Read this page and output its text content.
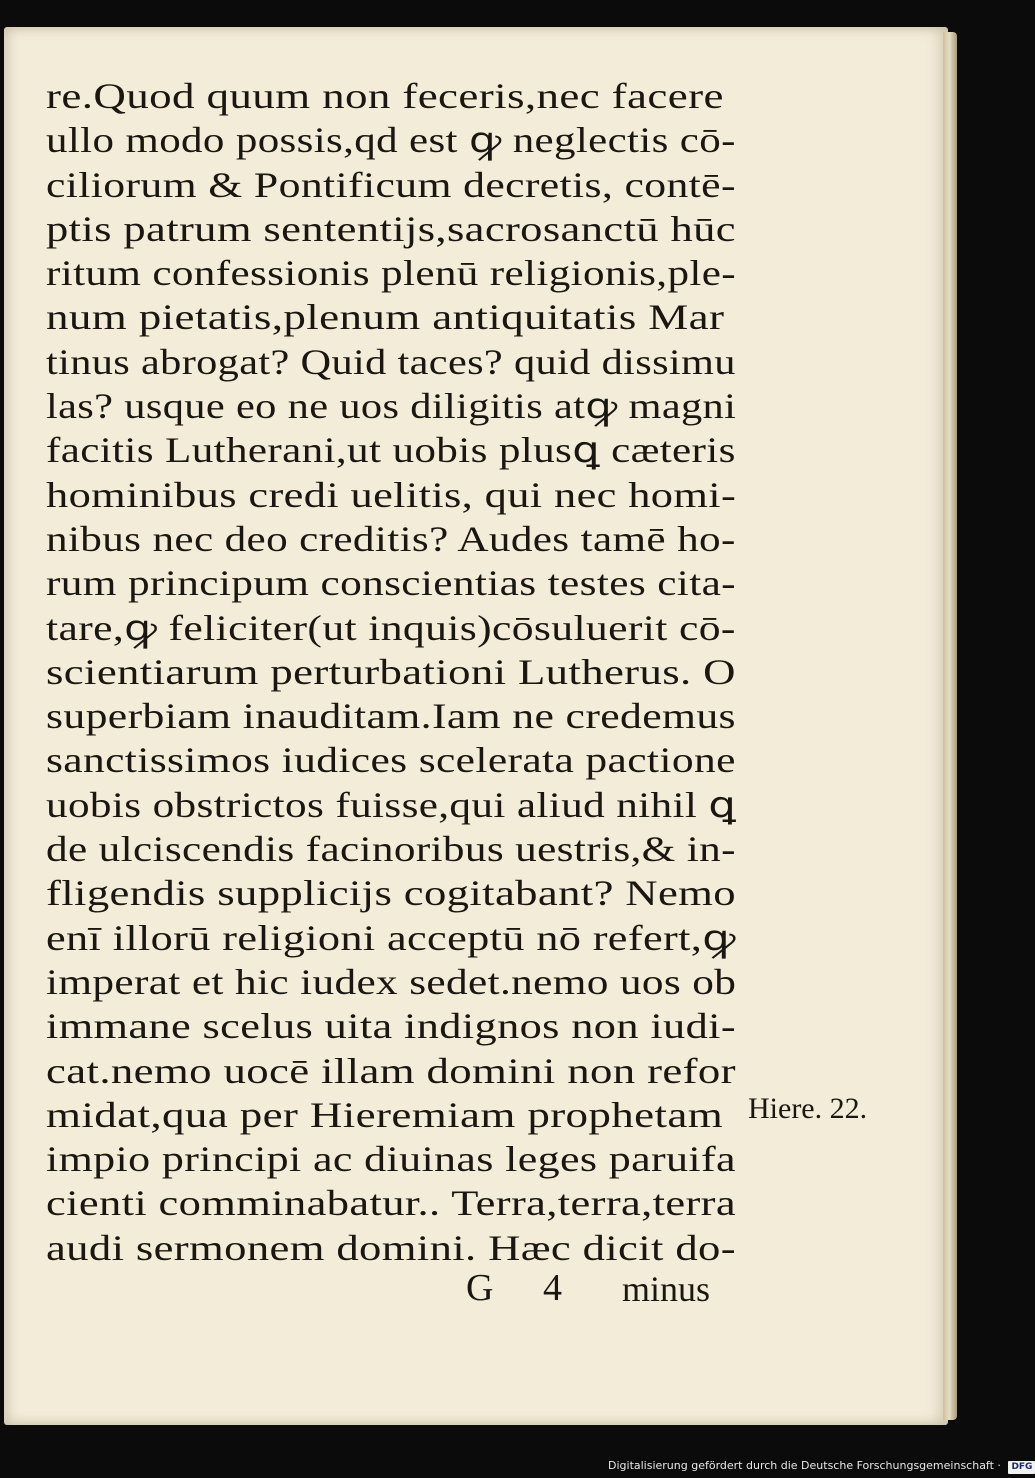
re.Quod quum non feceris,nec facere
ullo modo possis,qd est ꝙ neglectis cō-
ciliorum & Pontificum decretis, contē-
ptis patrum sententijs,sacrosanctū hūc
ritum confessionis plenū religionis,ple-
num pietatis,plenum antiquitatis Mar
tinus abrogat? Quid taces? quid dissimu
las? usque eo ne uos diligitis atꝙ magni
facitis Lutherani,ut uobis plusꝗ cæteris
hominibus credi uelitis, qui nec homi-
nibus nec deo creditis? Audes tamē ho-
rum principum conscientias testes cita-
tare,ꝙ feliciter(ut inquis)cōsuluerit cō-
scientiarum perturbationi Lutherus. O
superbiam inauditam.Iam ne credemus
sanctissimos iudices scelerata pactione
uobis obstrictos fuisse,qui aliud nihil ꝗ
de ulciscendis facinoribus uestris,& in-
fligendis supplicijs cogitabant? Nemo
enī illorū religioni acceptū nō refert,ꝙ
imperat et hic iudex sedet.nemo uos ob
immane scelus uita indignos non iudi-
cat.nemo uocē illam domini non refor
midat,qua per Hieremiam prophetam
impio principi ac diuinas leges paruifa
cienti comminabatur.. Terra,terra,terra
audi sermonem domini. Hæc dicit do-
Hiere. 22.
G 4 minus
Digitalisierung gefördert durch die Deutsche Forschungsgemeinschaft · DFG
